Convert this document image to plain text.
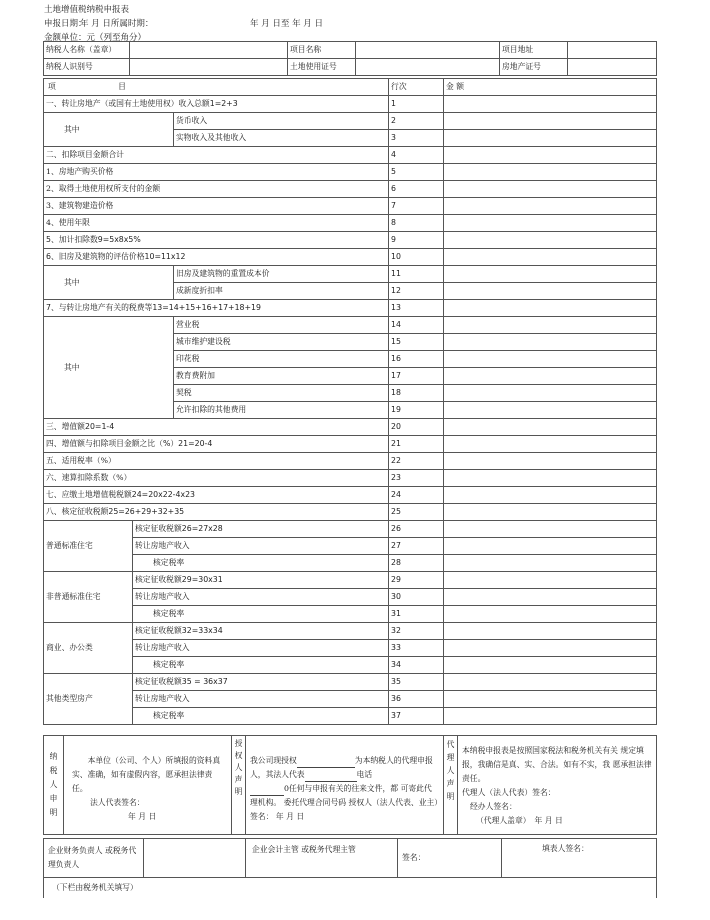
土地增值税纳税申报表
申报日期：
年 月 日所属时期：	年 月 日至 年 月 日
金额单位：元（列至角分）
纳税人名称（盖章）		项目名称		项目地址	
纳税人识别号		土地使用证号		房地产证号	
项　　　　　　　　目			行次	金 额
一、转让房地产（或国有土地使用权）收入总额1=2+3			1	
其中		货币收入	2	
		实物收入及其他收入	3	
二、扣除项目金额合计			4	
1、房地产购买价格			5	
2、取得土地使用权所支付的金额			6	
3、建筑物建造价格			7	
4、使用年限			8	
5、加计扣除数9=5x8x5%			9	
6、旧房及建筑物的评估价格10=11x12			10	
其中		旧房及建筑物的重置成本价	11	
		成新度折扣率	12	
7、与转让房地产有关的税费等13=14+15+16+17+18+19			13	
其中		营业税	14	
		城市维护建设税	15	
		印花税	16	
		教育费附加	17	
		契税	18	
		允许扣除的其他费用	19	
三、增值额20=1-4			20	
四、增值额与扣除项目金额之比（%）21=20-4			21	
五、适用税率（%）			22	
六、速算扣除系数（%）			23	
七、应缴土地增值税税额24=20x22-4x23			24	
八、核定征收税额25=26+29+32+35			25	
普通标准住宅	核定征收税额26=27x28		26	
	转让房地产收入		27	
	核定税率		28	
非普通标准住宅	核定征收税额29=30x31		29	
	转让房地产收入		30	
	核定税率		31	
商业、办公类	核定征收税额32=33x34		32	
	转让房地产收入		33	
	核定税率		34	
其他类型房产	核定征收税额35 = 36x37		35	
	转让房地产收入		36	
	核定税率		37	
纳税人申明	
本单位（公司、个人）所填报的资料真实、准确，如有虚假内容，愿承担法律责任。
法人代表签名：
年 月 日
	授权人声明	
我公司现授权	为本纳税人的代理申报人，其法人代表	电话
0任何与申报有关的往来文件，都 可寄此代理机构。 委托代理合同号码 授权人（法人代表、业主）签名： 年 月 日
	代理人声明	
本纳税申报表是按照国家税法和税务机关有关 规定填报，我确信是真、实、合法。如有不实，我 愿承担法律责任。
代理人（法人代表）签名：
经办人签名：
（代理人盖章）　 年 月 日
企业财务负责人 或税务代理负责人		企业会计主管 或税务代理主管	签名：	填表人签名：
（下栏由税务机关填写）
